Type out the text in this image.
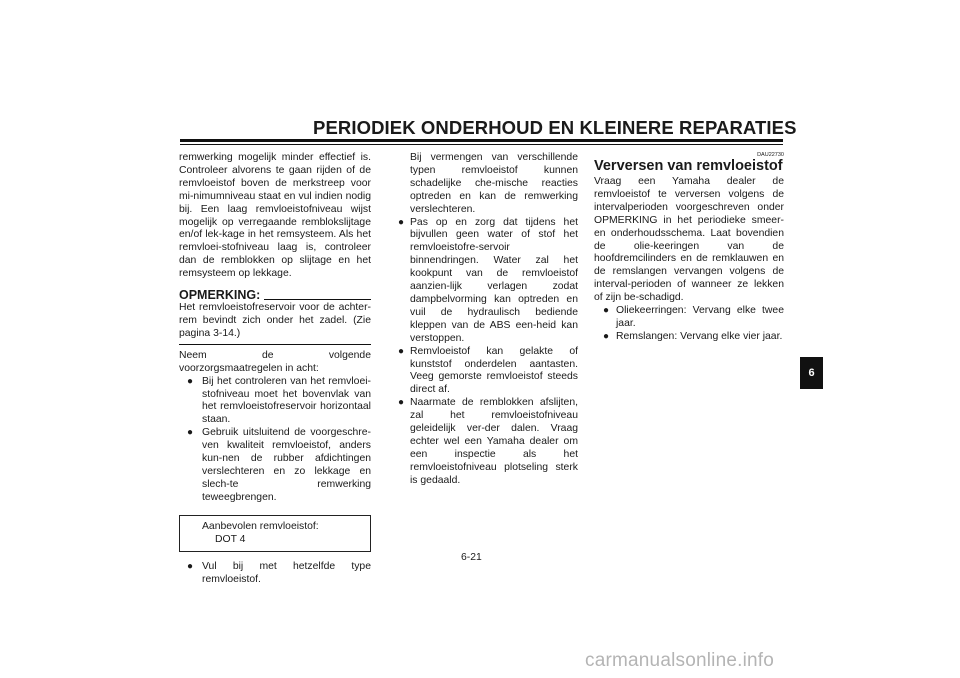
PERIODIEK ONDERHOUD EN KLEINERE REPARATIES

remwerking mogelijk minder effectief is. Controleer alvorens te gaan rijden of de remvloeistof boven de merkstreep voor mi-nimumniveau staat en vul indien nodig bij. Een laag remvloeistofniveau wijst mogelijk op verregaande remblokslijtage en/of lek-kage in het remsysteem. Als het remvloei-stofniveau laag is, controleer dan de remblokken op slijtage en het remsysteem op lekkage.

OPMERKING:

Het remvloeistofreservoir voor de achter-rem bevindt zich onder het zadel. (Zie pagina 3-14.)

Neem de volgende voorzorgsmaatregelen in acht:

● Bij het controleren van het remvloei-stofniveau moet het bovenvlak van het remvloeistofreservoir horizontaal staan.
● Gebruik uitsluitend de voorgeschre-ven kwaliteit remvloeistof, anders kun-nen de rubber afdichtingen verslechteren en zo lekkage en slech-te remwerking teweegbrengen.
Aanbevolen remvloeistof:
DOT 4
● Vul bij met hetzelfde type remvloeistof.

Bij vermengen van verschillende typen remvloeistof kunnen schadelijke che-mische reacties optreden en kan de remwerking verslechteren.

● Pas op en zorg dat tijdens het bijvullen geen water of stof het remvloeistofre-servoir binnendringen. Water zal het kookpunt van de remvloeistof aanzien-lijk verlagen zodat dampbelvorming kan optreden en vuil de hydraulisch bediende kleppen van de ABS een-heid kan verstoppen.
● Remvloeistof kan gelakte of kunststof onderdelen aantasten. Veeg gemorste remvloeistof steeds direct af.
● Naarmate de remblokken afslijten, zal het remvloeistofniveau geleidelijk ver-der dalen. Vraag echter wel een Yamaha dealer om een inspectie als het remvloeistofniveau plotseling sterk is gedaald.
DAU22730
Verversen van remvloeistof

Vraag een Yamaha dealer de remvloeistof te verversen volgens de intervalperioden voorgeschreven onder OPMERKING in het periodieke smeer- en onderhoudsschema. Laat bovendien de olie-keeringen van de hoofdremcilinders en de remklauwen en de remslangen vervangen volgens de interval-perioden of wanneer ze lekken of zijn be-schadigd.

● Oliekeerringen: Vervang elke twee jaar.
● Remslangen: Vervang elke vier jaar.
6-21
6
carmanualsonline.info
